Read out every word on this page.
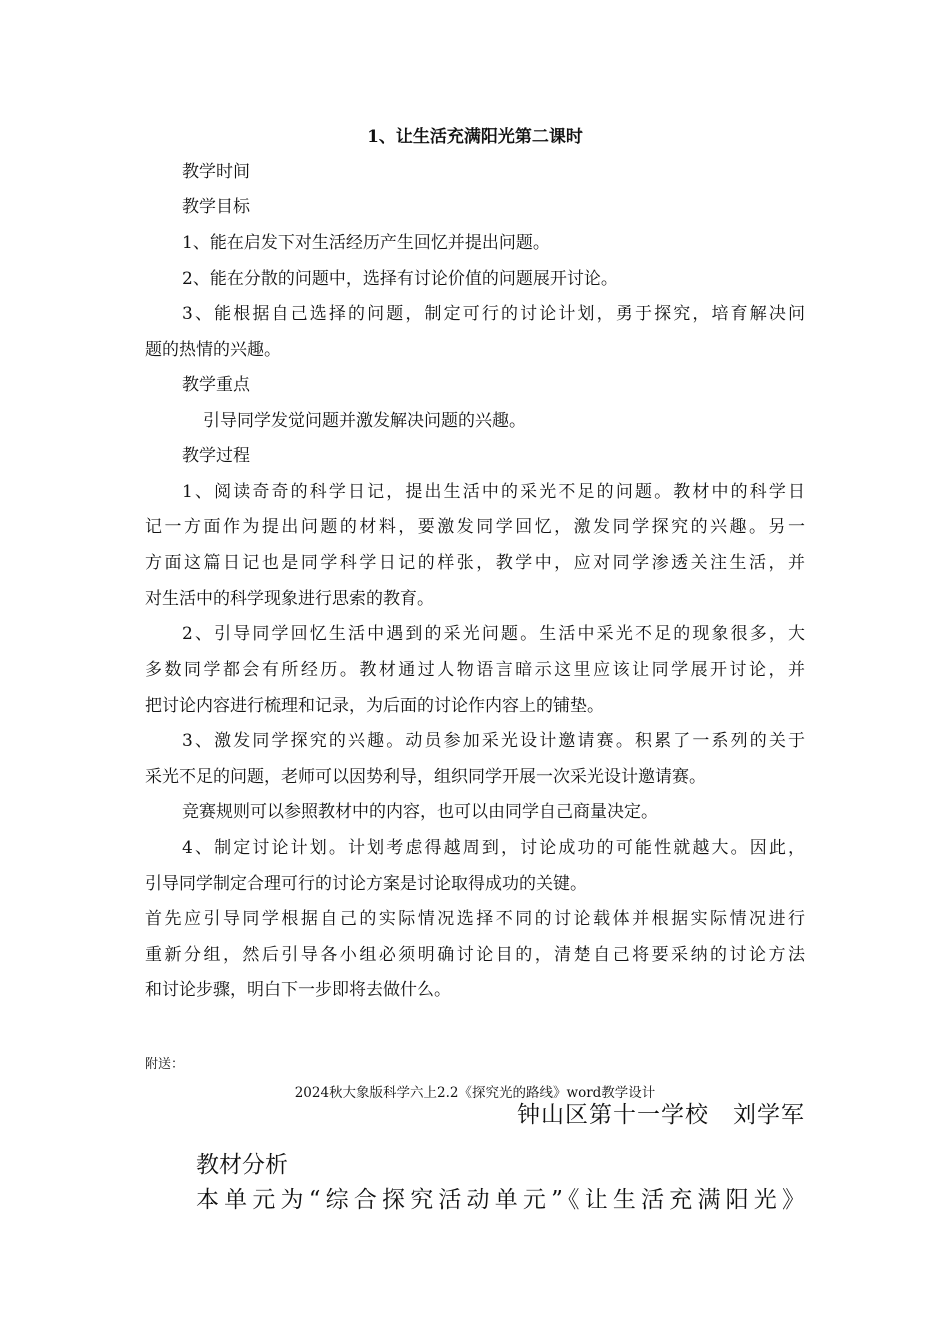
1、让生活充满阳光第二课时
教学时间
教学目标
1、能在启发下对生活经历产生回忆并提出问题。
2、能在分散的问题中，选择有讨论价值的问题展开讨论。
3、能根据自己选择的问题，制定可行的讨论计划，勇于探究，培育解决问
题的热情的兴趣。
教学重点
引导同学发觉问题并激发解决问题的兴趣。
教学过程
1、阅读奇奇的科学日记，提出生活中的采光不足的问题。教材中的科学日
记一方面作为提出问题的材料，要激发同学回忆，激发同学探究的兴趣。另一
方面这篇日记也是同学科学日记的样张，教学中，应对同学渗透关注生活，并
对生活中的科学现象进行思索的教育。
2、引导同学回忆生活中遇到的采光问题。生活中采光不足的现象很多，大
多数同学都会有所经历。教材通过人物语言暗示这里应该让同学展开讨论，并
把讨论内容进行梳理和记录，为后面的讨论作内容上的铺垫。
3、激发同学探究的兴趣。动员参加采光设计邀请赛。积累了一系列的关于
采光不足的问题，老师可以因势利导，组织同学开展一次采光设计邀请赛。
竞赛规则可以参照教材中的内容，也可以由同学自己商量决定。
4、制定讨论计划。计划考虑得越周到，讨论成功的可能性就越大。因此，
引导同学制定合理可行的讨论方案是讨论取得成功的关键。
首先应引导同学根据自己的实际情况选择不同的讨论载体并根据实际情况进行
重新分组，然后引导各小组必须明确讨论目的，清楚自己将要采纳的讨论方法
和讨论步骤，明白下一步即将去做什么。
附送：
2024秋大象版科学六上2.2《探究光的路线》word教学设计
钟山区第十一学校　刘学军
教材分析
本单元为“综合探究活动单元”《让生活充满阳光》
